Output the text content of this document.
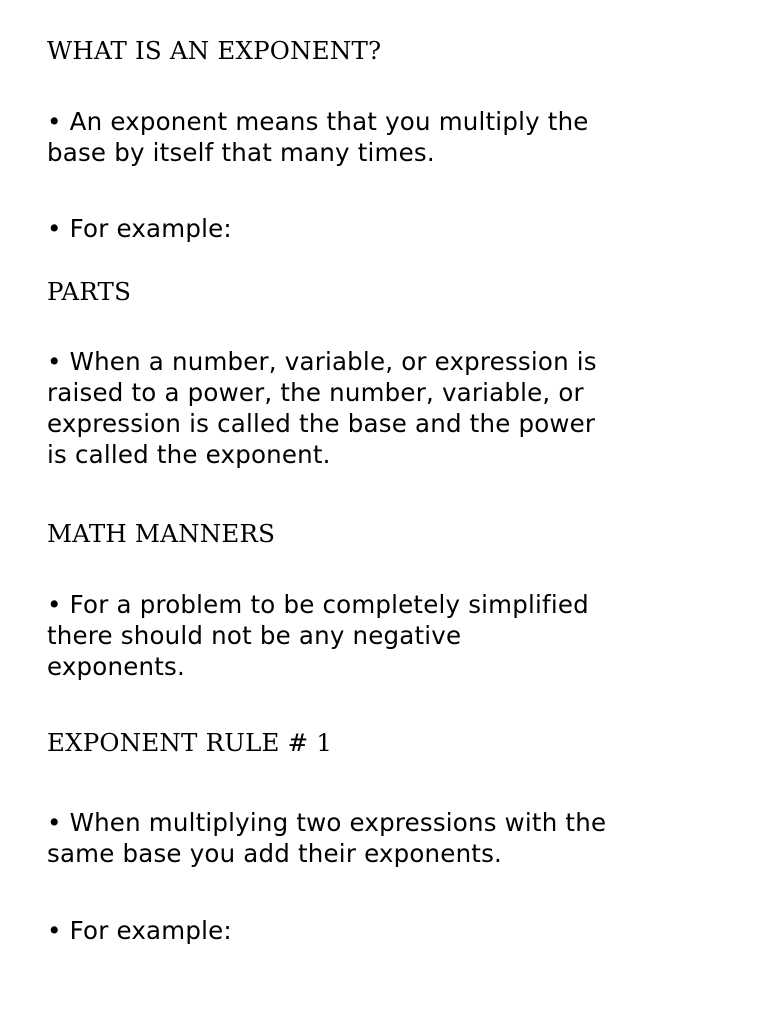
WHAT IS AN EXPONENT?

• An exponent means that you multiply the
base by itself that many times.

• For example:

PARTS

• When a number, variable, or expression is
raised to a power, the number, variable, or
expression is called the base and the power
is called the exponent.

MATH MANNERS

• For a problem to be completely simplified
there should not be any negative
exponents.

EXPONENT RULE # 1

• When multiplying two expressions with the
same base you add their exponents.

• For example:
